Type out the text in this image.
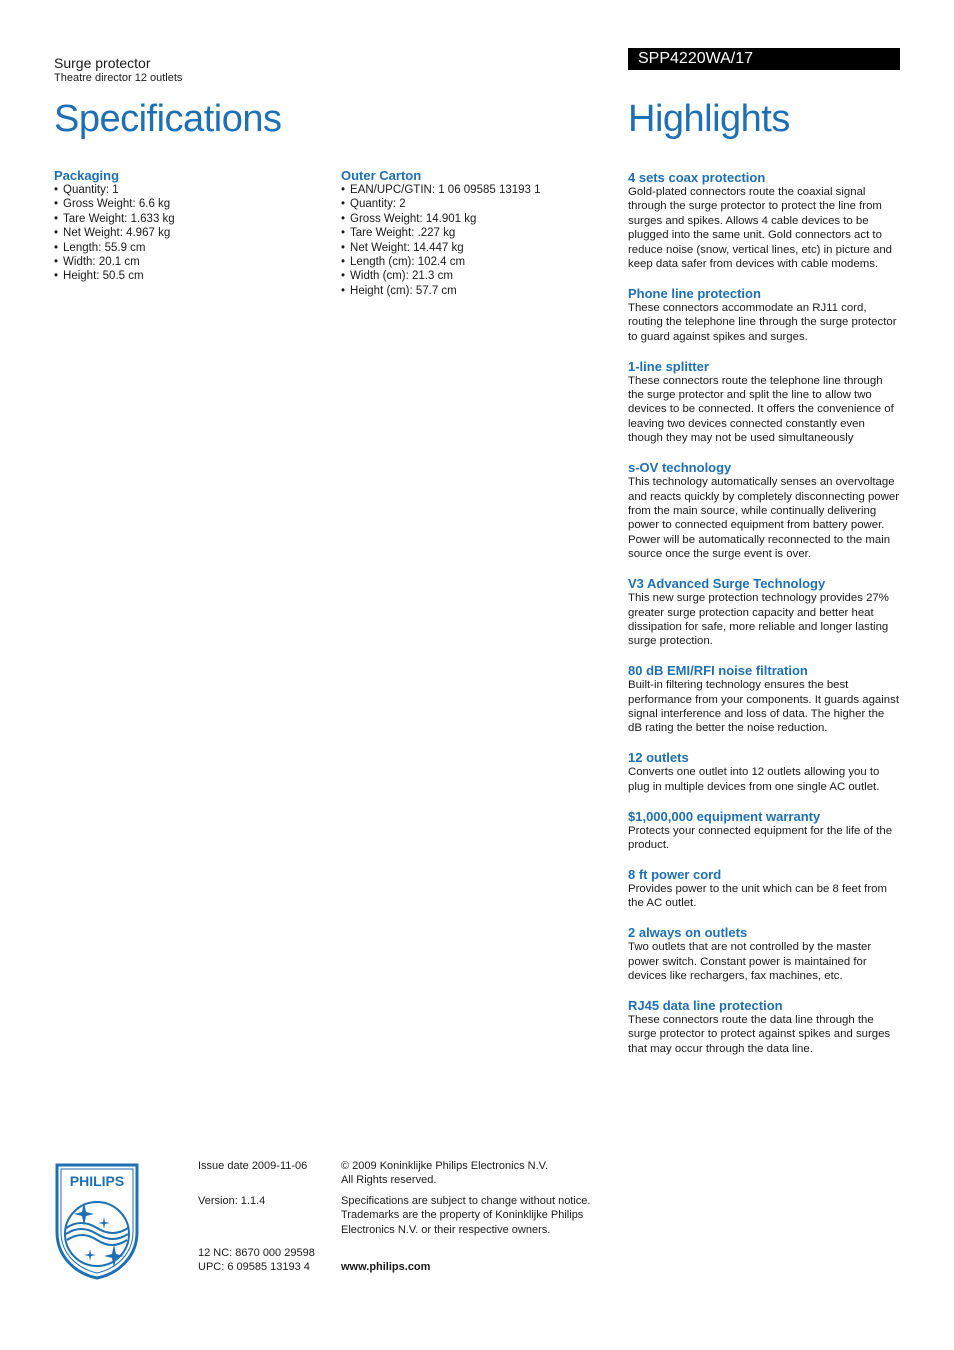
Surge protector
Theatre director 12 outlets
SPP4220WA/17
Specifications	Highlights
Packaging
• Quantity: 1
• Gross Weight: 6.6 kg
• Tare Weight: 1.633 kg
• Net Weight: 4.967 kg
• Length: 55.9 cm
• Width: 20.1 cm
• Height: 50.5 cm
Outer Carton
• EAN/UPC/GTIN: 1 06 09585 13193 1
• Quantity: 2
• Gross Weight: 14.901 kg
• Tare Weight: .227 kg
• Net Weight: 14.447 kg
• Length (cm): 102.4 cm
• Width (cm): 21.3 cm
• Height (cm): 57.7 cm
4 sets coax protection
Gold-plated connectors route the coaxial signal through the surge protector to protect the line from surges and spikes. Allows 4 cable devices to be plugged into the same unit. Gold connectors act to reduce noise (snow, vertical lines, etc) in picture and keep data safer from devices with cable modems.
Phone line protection
These connectors accommodate an RJ11 cord, routing the telephone line through the surge protector to guard against spikes and surges.
1-line splitter
These connectors route the telephone line through the surge protector and split the line to allow two devices to be connected. It offers the convenience of leaving two devices connected constantly even though they may not be used simultaneously
s-OV technology
This technology automatically senses an overvoltage and reacts quickly by completely disconnecting power from the main source, while continually delivering power to connected equipment from battery power. Power will be automatically reconnected to the main source once the surge event is over.
V3 Advanced Surge Technology
This new surge protection technology provides 27% greater surge protection capacity and better heat dissipation for safe, more reliable and longer lasting surge protection.
80 dB EMI/RFI noise filtration
Built-in filtering technology ensures the best performance from your components. It guards against signal interference and loss of data. The higher the dB rating the better the noise reduction.
12 outlets
Converts one outlet into 12 outlets allowing you to plug in multiple devices from one single AC outlet.
$1,000,000 equipment warranty
Protects your connected equipment for the life of the product.
8 ft power cord
Provides power to the unit which can be 8 feet from the AC outlet.
2 always on outlets
Two outlets that are not controlled by the master power switch. Constant power is maintained for devices like rechargers, fax machines, etc.
RJ45 data line protection
These connectors route the data line through the surge protector to protect against spikes and surges that may occur through the data line.
PHILIPS
Issue date 2009-11-06
Version: 1.1.4
12 NC: 8670 000 29598
UPC: 6 09585 13193 4
© 2009 Koninklijke Philips Electronics N.V.
All Rights reserved.
Specifications are subject to change without notice.
Trademarks are the property of Koninklijke Philips
Electronics N.V. or their respective owners.
www.philips.com
